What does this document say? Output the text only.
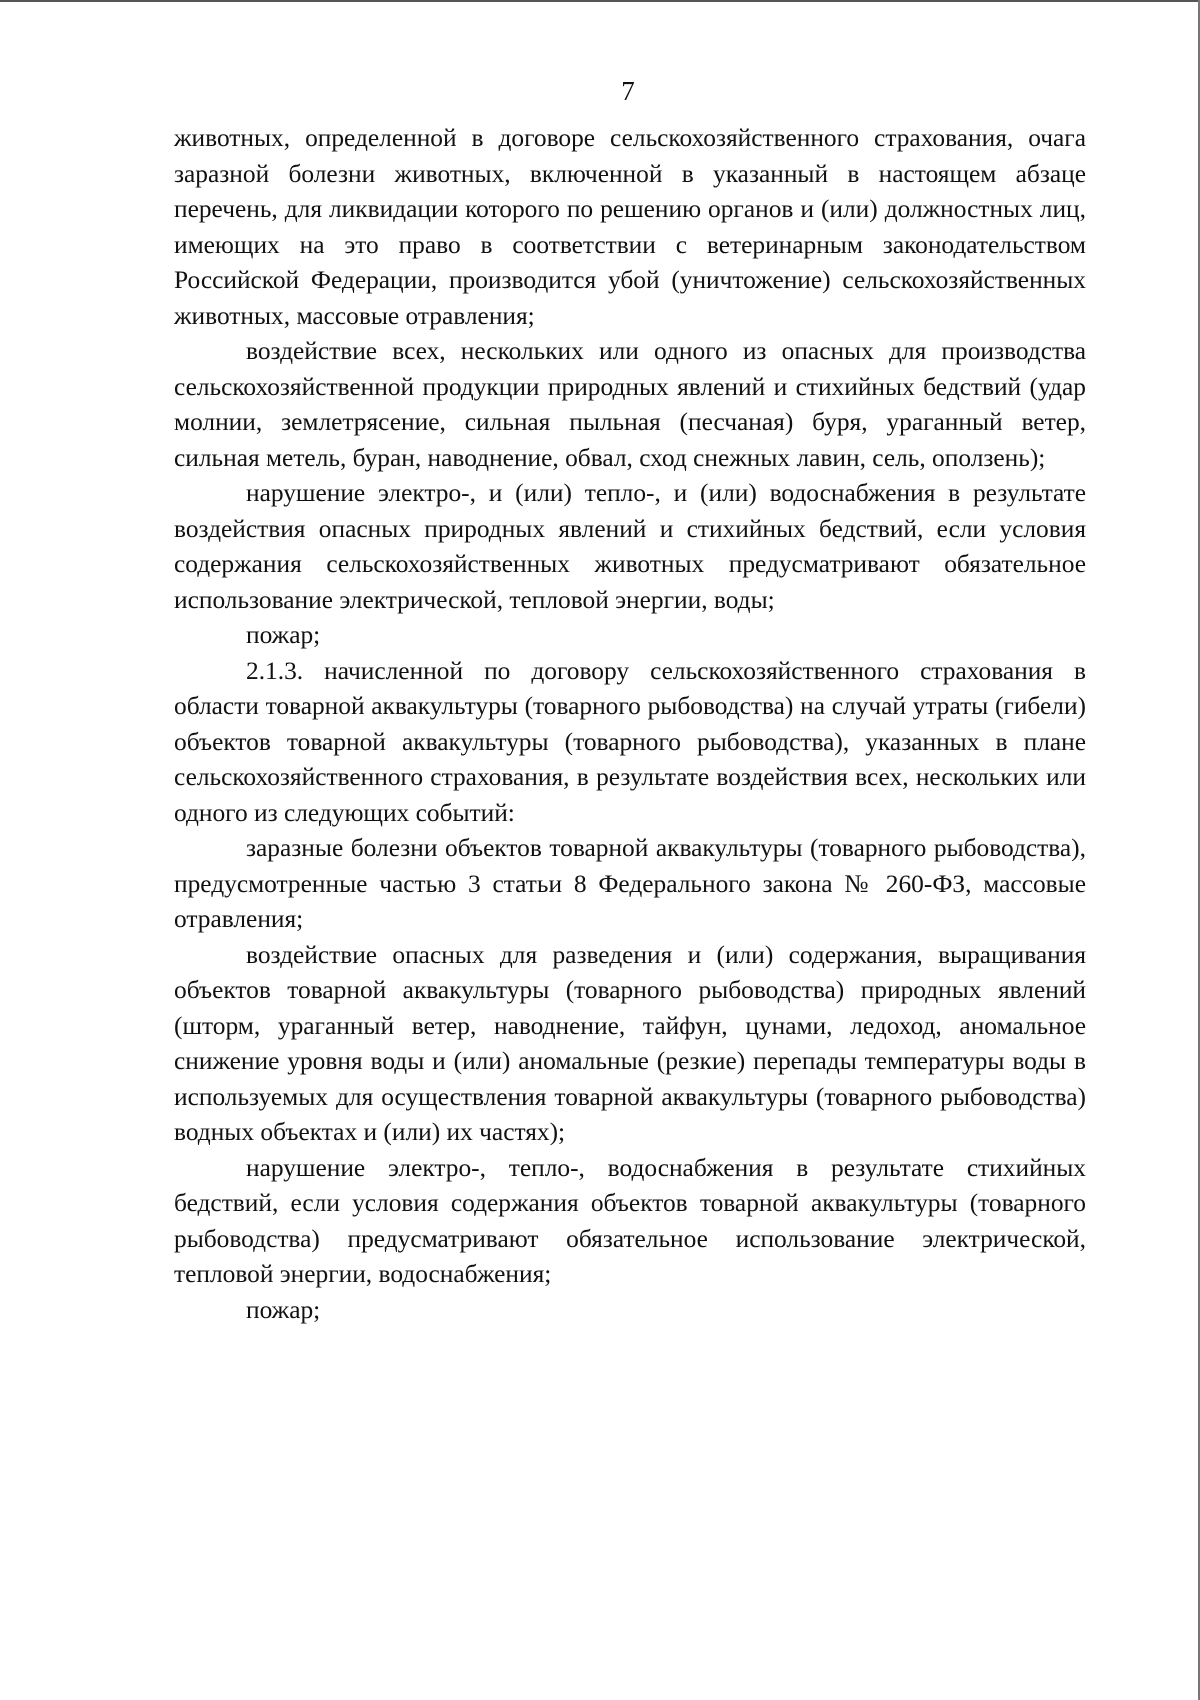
7

животных, определенной в договоре сельскохозяйственного страхования, очага заразной болезни животных, включенной в указанный в настоящем абзаце перечень, для ликвидации которого по решению органов и (или) должностных лиц, имеющих на это право в соответствии с ветеринарным законодательством Российской Федерации, производится убой (уничтожение) сельскохозяйственных животных, массовые отравления;

воздействие всех, нескольких или одного из опасных для производства сельскохозяйственной продукции природных явлений и стихийных бедствий (удар молнии, землетрясение, сильная пыльная (песчаная) буря, ураганный ветер, сильная метель, буран, наводнение, обвал, сход снежных лавин, сель, оползень);

нарушение электро-, и (или) тепло-, и (или) водоснабжения в результате воздействия опасных природных явлений и стихийных бедствий, если условия содержания сельскохозяйственных животных предусматривают обязательное использование электрической, тепловой энергии, воды;

пожар;

2.1.3. начисленной по договору сельскохозяйственного страхования в области товарной аквакультуры (товарного рыбоводства) на случай утраты (гибели) объектов товарной аквакультуры (товарного рыбоводства), указанных в плане сельскохозяйственного страхования, в результате воздействия всех, нескольких или одного из следующих событий:

заразные болезни объектов товарной аквакультуры (товарного рыбоводства), предусмотренные частью 3 статьи 8 Федерального закона № 260-ФЗ, массовые отравления;

воздействие опасных для разведения и (или) содержания, выращивания объектов товарной аквакультуры (товарного рыбоводства) природных явлений (шторм, ураганный ветер, наводнение, тайфун, цунами, ледоход, аномальное снижение уровня воды и (или) аномальные (резкие) перепады температуры воды в используемых для осуществления товарной аквакультуры (товарного рыбоводства) водных объектах и (или) их частях);

нарушение электро-, тепло-, водоснабжения в результате стихийных бедствий, если условия содержания объектов товарной аквакультуры (товарного рыбоводства) предусматривают обязательное использование электрической, тепловой энергии, водоснабжения;

пожар;
